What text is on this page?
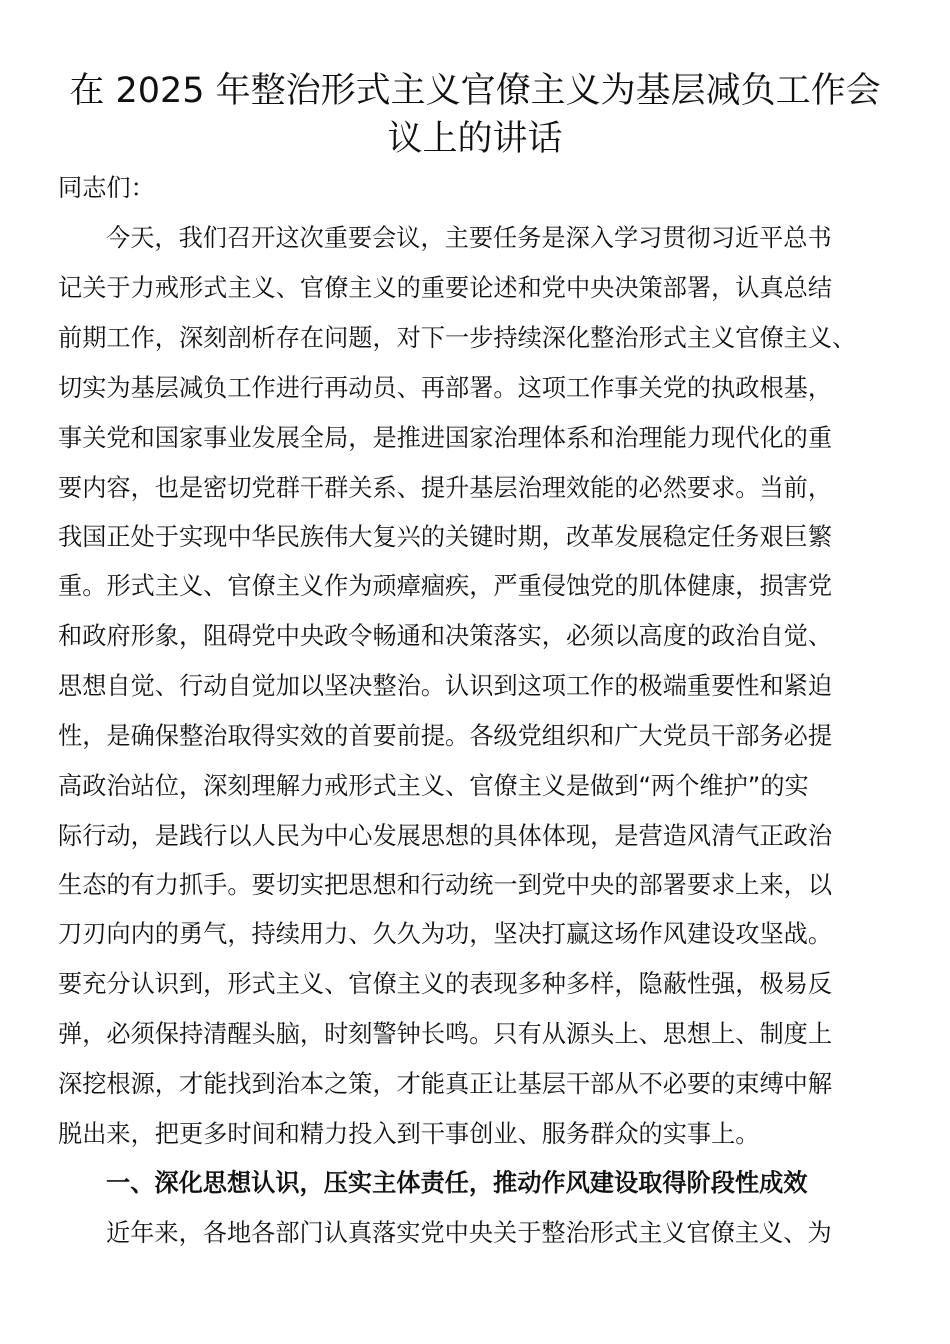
在 2025 年整治形式主义官僚主义为基层减负工作会
议上的讲话

同志们：

今天，我们召开这次重要会议，主要任务是深入学习贯彻习近平总书

记关于力戒形式主义、官僚主义的重要论述和党中央决策部署，认真总结

前期工作，深刻剖析存在问题，对下一步持续深化整治形式主义官僚主义、

切实为基层减负工作进行再动员、再部署。这项工作事关党的执政根基，

事关党和国家事业发展全局，是推进国家治理体系和治理能力现代化的重

要内容，也是密切党群干群关系、提升基层治理效能的必然要求。当前，

我国正处于实现中华民族伟大复兴的关键时期，改革发展稳定任务艰巨繁

重。形式主义、官僚主义作为顽瘴痼疾，严重侵蚀党的肌体健康，损害党

和政府形象，阻碍党中央政令畅通和决策落实，必须以高度的政治自觉、

思想自觉、行动自觉加以坚决整治。认识到这项工作的极端重要性和紧迫

性，是确保整治取得实效的首要前提。各级党组织和广大党员干部务必提

高政治站位，深刻理解力戒形式主义、官僚主义是做到“两个维护”的实

际行动，是践行以人民为中心发展思想的具体体现，是营造风清气正政治

生态的有力抓手。要切实把思想和行动统一到党中央的部署要求上来，以

刀刃向内的勇气，持续用力、久久为功，坚决打赢这场作风建设攻坚战。

要充分认识到，形式主义、官僚主义的表现多种多样，隐蔽性强，极易反

弹，必须保持清醒头脑，时刻警钟长鸣。只有从源头上、思想上、制度上

深挖根源，才能找到治本之策，才能真正让基层干部从不必要的束缚中解

脱出来，把更多时间和精力投入到干事创业、服务群众的实事上。

一、深化思想认识，压实主体责任，推动作风建设取得阶段性成效

近年来，各地各部门认真落实党中央关于整治形式主义官僚主义、为
